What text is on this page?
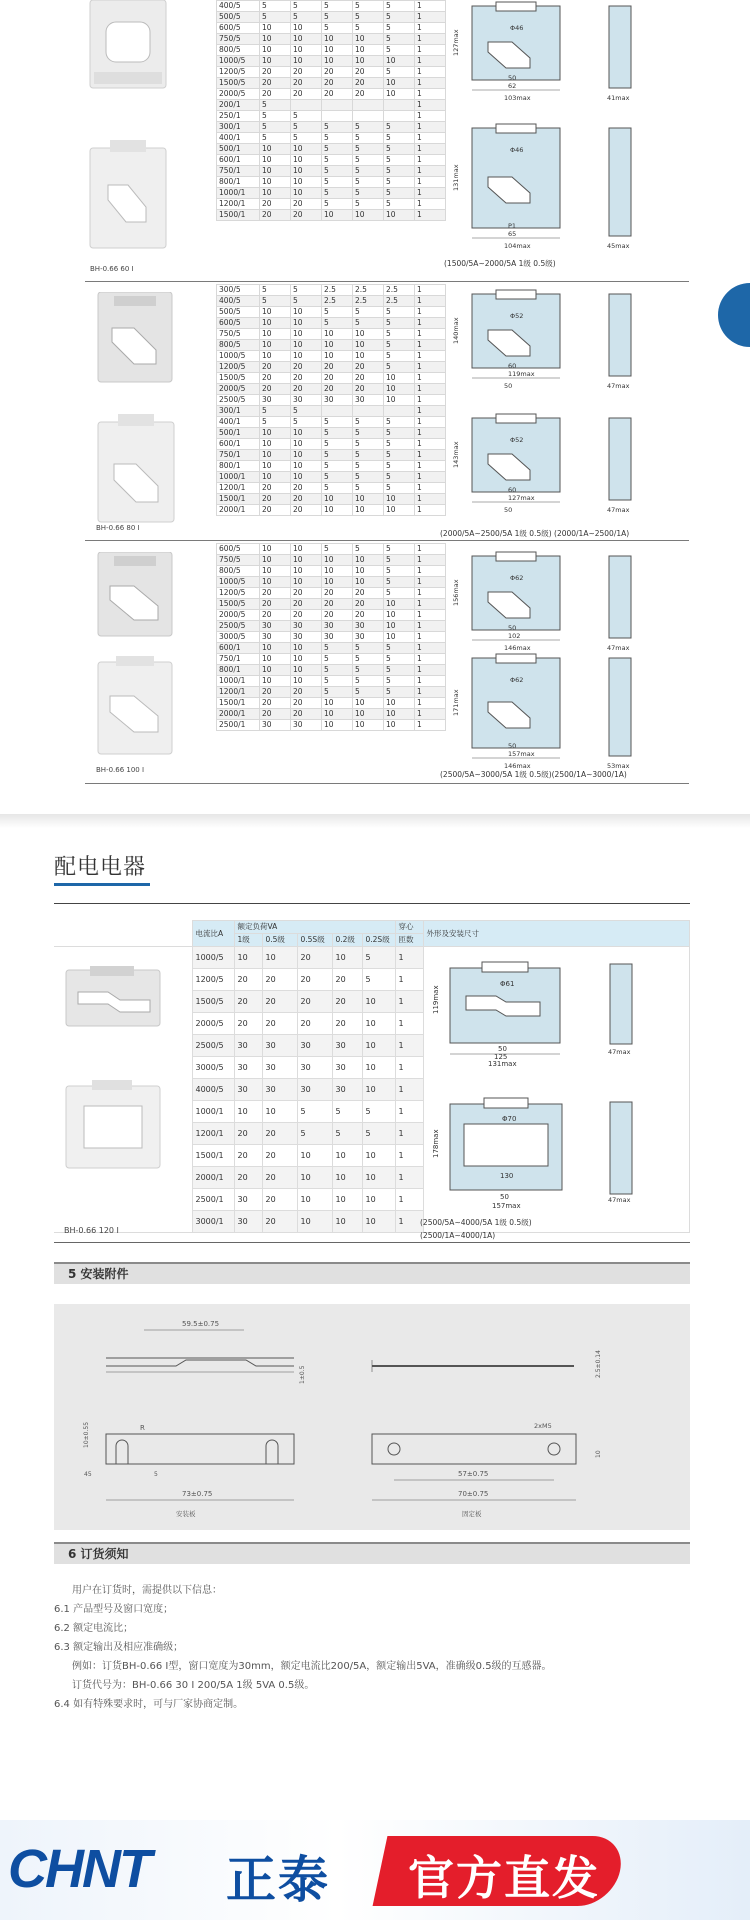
BH-0.66 60 I
BH-0.66 80 I
BH-0.66 100 I
400/5	5	5	5	5	5	1
500/5	5	5	5	5	5	1
600/5	10	10	5	5	5	1
750/5	10	10	10	10	5	1
800/5	10	10	10	10	5	1
1000/5	10	10	10	10	10	1
1200/5	20	20	20	20	5	1
1500/5	20	20	20	20	10	1
2000/5	20	20	20	20	10	1
200/1	5					1
250/1	5	5				1
300/1	5	5	5	5	5	1
400/1	5	5	5	5	5	1
500/1	10	10	5	5	5	1
600/1	10	10	5	5	5	1
750/1	10	10	5	5	5	1
800/1	10	10	5	5	5	1
1000/1	10	10	5	5	5	1
1200/1	20	20	5	5	5	1
1500/1	20	20	10	10	10	1
300/5	5	5	2.5	2.5	2.5	1
400/5	5	5	2.5	2.5	2.5	1
500/5	10	10	5	5	5	1
600/5	10	10	5	5	5	1
750/5	10	10	10	10	5	1
800/5	10	10	10	10	5	1
1000/5	10	10	10	10	5	1
1200/5	20	20	20	20	5	1
1500/5	20	20	20	20	10	1
2000/5	20	20	20	20	10	1
2500/5	30	30	30	30	10	1
300/1	5	5				1
400/1	5	5	5	5	5	1
500/1	10	10	5	5	5	1
600/1	10	10	5	5	5	1
750/1	10	10	5	5	5	1
800/1	10	10	5	5	5	1
1000/1	10	10	5	5	5	1
1200/1	20	20	5	5	5	1
1500/1	20	20	10	10	10	1
2000/1	20	20	10	10	10	1
600/5	10	10	5	5	5	1
750/5	10	10	10	10	5	1
800/5	10	10	10	10	5	1
1000/5	10	10	10	10	5	1
1200/5	20	20	20	20	5	1
1500/5	20	20	20	20	10	1
2000/5	20	20	20	20	10	1
2500/5	30	30	30	30	10	1
3000/5	30	30	30	30	10	1
600/1	10	10	5	5	5	1
750/1	10	10	5	5	5	1
800/1	10	10	5	5	5	1
1000/1	10	10	5	5	5	1
1200/1	20	20	5	5	5	1
1500/1	20	20	10	10	10	1
2000/1	20	20	10	10	10	1
2500/1	30	30	10	10	10	1
127max
Φ46
50
62
103max	41max
131max
Φ46
P1
65
104max	45max
140max
Φ52
60
119max
50	47max
143max
Φ52
60
127max
50	47max
156max
Φ62
50
102
146max	47max
171max
Φ62
50
157max
146max	53max
(1500/5A~2000/5A 1级 0.5级)
(2000/5A~2500/5A 1级 0.5级) (2000/1A~2500/1A)
(2500/5A~3000/5A 1级 0.5级)(2500/1A~3000/1A)
配电电器
	电流比A	额定负荷VA					穿心	外形及安装尺寸
		1级	0.5级	0.5S级	0.2级	0.2S级	匝数	
	1000/5	10	10	20	10	5	1	
	1200/5	20	20	20	20	5	1	
	1500/5	20	20	20	20	10	1	
	2000/5	20	20	20	20	10	1	
	2500/5	30	30	30	30	10	1	
	3000/5	30	30	30	30	10	1	
	4000/5	30	30	30	30	10	1	
	1000/1	10	10	5	5	5	1	
	1200/1	20	20	5	5	5	1	
	1500/1	20	20	10	10	10	1	
	2000/1	20	20	10	10	10	1	
	2500/1	30	20	10	10	10	1	
	3000/1	30	20	10	10	10	1	
BH-0.66 120 I
Φ61
50
125
131max
119max
47max
Φ70
130
50
157max
178max
47max
(2500/5A~4000/5A 1级 0.5级)
(2500/1A~4000/1A)
5 安装附件
59.5±0.75
1±0.5
73±0.75
R
10±0.55
45	5
安装板
2.5±0.14
57±0.75
70±0.75
2xM5
10
固定板
6 订货须知
用户在订货时，需提供以下信息：
6.1 产品型号及窗口宽度；
6.2 额定电流比；
6.3 额定输出及相应准确级；
例如：订货BH-0.66 Ⅰ型，窗口宽度为30mm，额定电流比200/5A，额定输出5VA，准确级0.5级的互感器。
订货代号为：BH-0.66 30 Ⅰ 200/5A 1级 5VA 0.5级。
6.4 如有特殊要求时，可与厂家协商定制。
CHNT 正泰 官方直发
